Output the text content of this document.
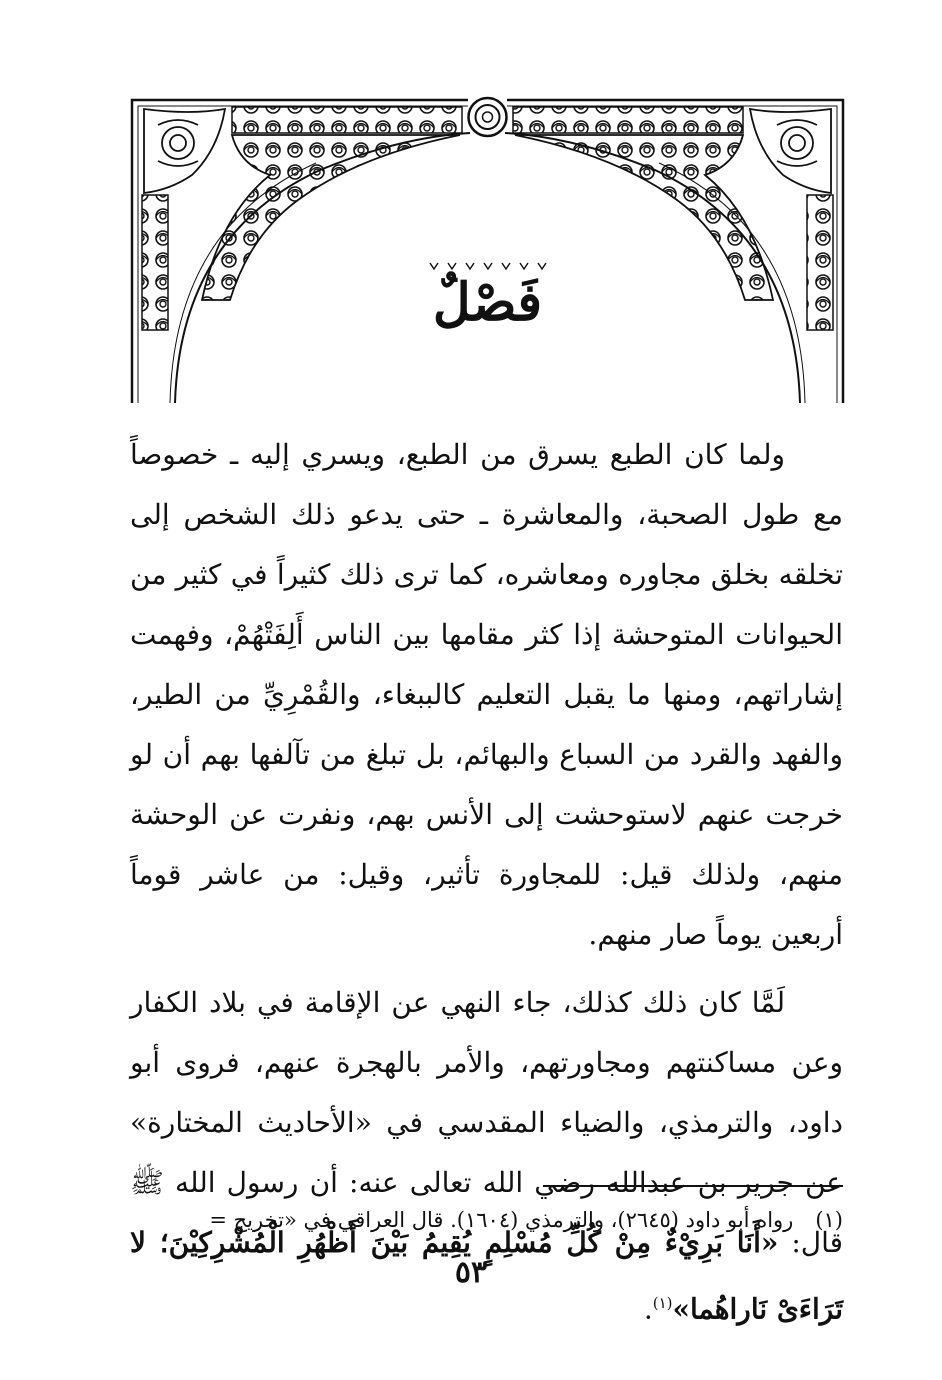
فَصْلٌ

ولما كان الطبع يسرق من الطبع، ويسري إليه ـ خصوصاً مع طول الصحبة، والمعاشرة ـ حتى يدعو ذلك الشخص إلى تخلقه بخلق مجاوره ومعاشره، كما ترى ذلك كثيراً في كثير من الحيوانات المتوحشة إذا كثر مقامها بين الناس أَلِفَتْهُمْ، وفهمت إشاراتهم، ومنها ما يقبل التعليم كالببغاء، والقُمْرِيِّ من الطير، والفهد والقرد من السباع والبهائم، بل تبلغ من تآلفها بهم أن لو خرجت عنهم لاستوحشت إلى الأنس بهم، ونفرت عن الوحشة منهم، ولذلك قيل: للمجاورة تأثير، وقيل: من عاشر قوماً أربعين يوماً صار منهم.

لَمَّا كان ذلك كذلك، جاء النهي عن الإقامة في بلاد الكفار وعن مساكنتهم ومجاورتهم، والأمر بالهجرة عنهم، فروى أبو داود، والترمذي، والضياء المقدسي في «الأحاديث المختارة» عن جرير بن عبدالله رضي الله تعالى عنه: أن رسول الله ﷺ قال: «أَنَا بَرِيْءٌ مِنْ كُلِّ مُسْلِمٍ يُقِيمُ بَيْنَ أَظْهُرِ الْمُشْرِكِيْنَ؛ لا تَرَاءَىْ نَاراهُما»$^{(١)}$.

(١)رواه أبو داود (٢٦٤٥)، والترمذي (١٦٠٤). قال العراقي في «تخريج =
٥٣
